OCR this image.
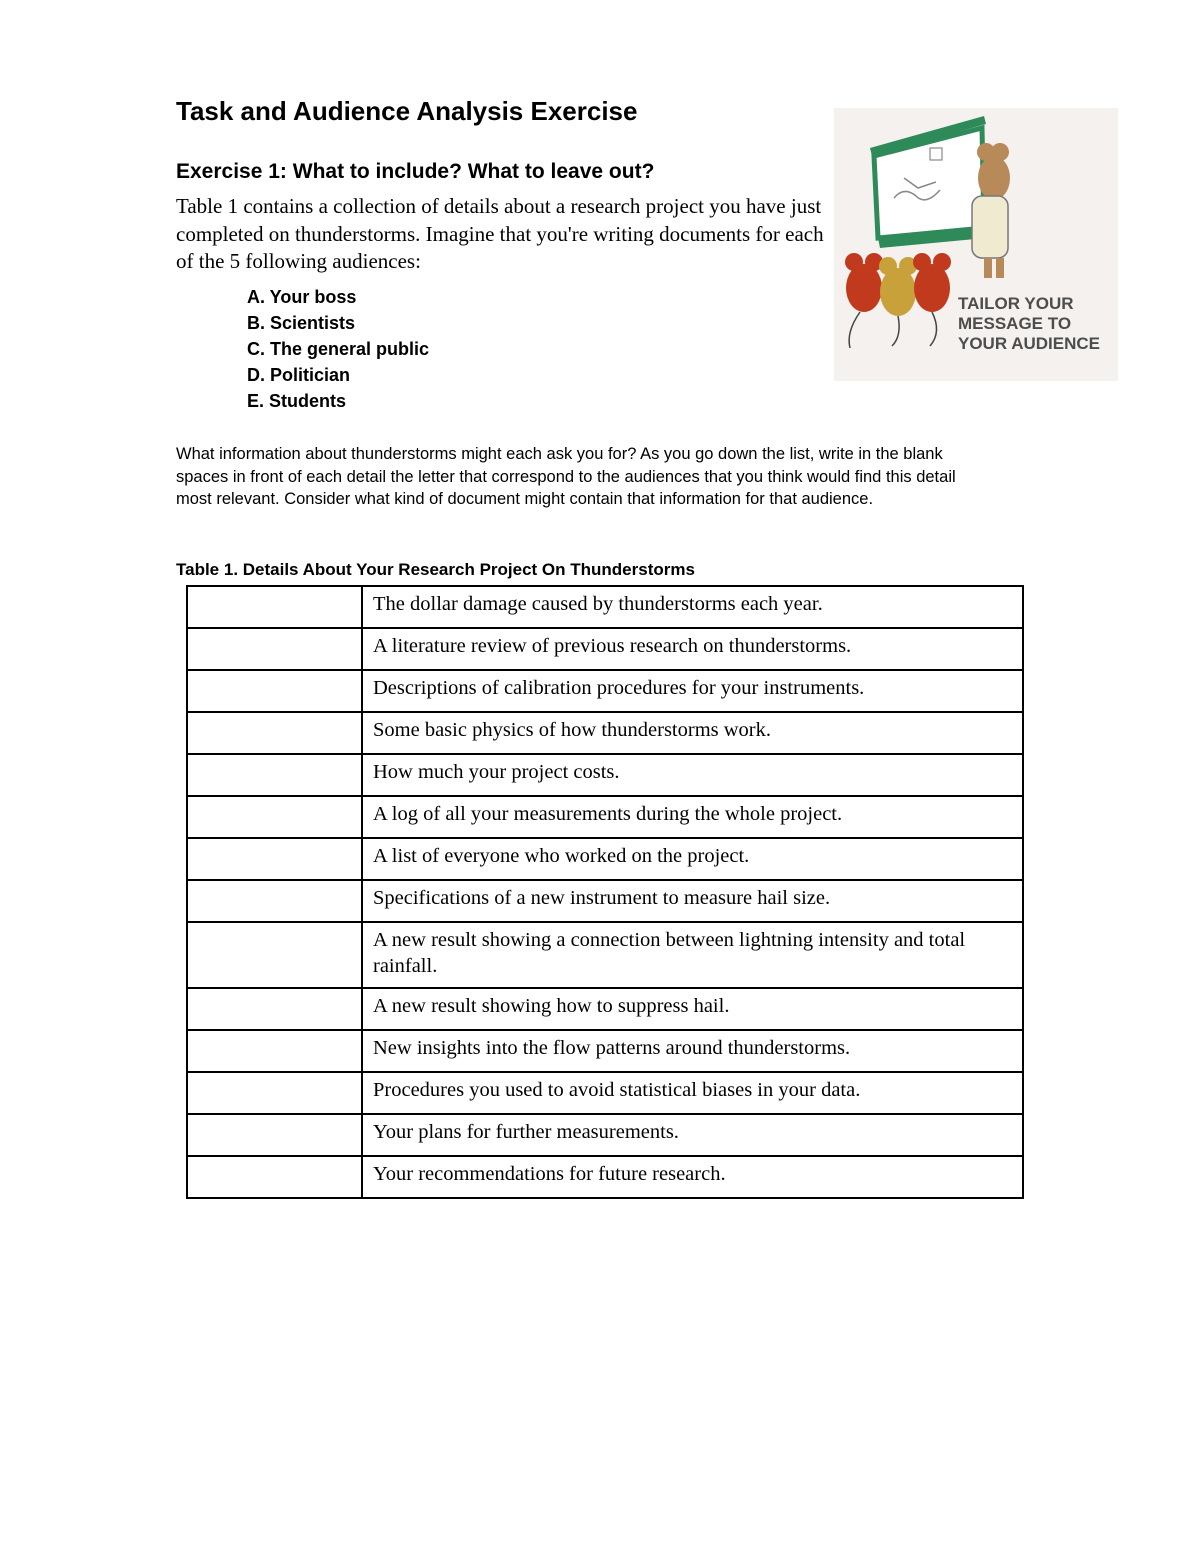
Task and Audience Analysis Exercise
Exercise 1: What to include? What to leave out?

Table 1 contains a collection of details about a research project you have just completed on thunderstorms. Imagine that you're writing documents for each of the 5 following audiences:

A. Your boss
B. Scientists
C. The general public
D. Politician
E. Students

TAILOR YOUR
MESSAGE TO
YOUR AUDIENCE

What information about thunderstorms might each ask you for? As you go down the list, write in the blank spaces in front of each detail the letter that correspond to the audiences that you think would find this detail most relevant. Consider what kind of document might contain that information for that audience.

Table 1. Details About Your Research Project On Thunderstorms

	The dollar damage caused by thunderstorms each year.
	A literature review of previous research on thunderstorms.
	Descriptions of calibration procedures for your instruments.
	Some basic physics of how thunderstorms work.
	How much your project costs.
	A log of all your measurements during the whole project.
	A list of everyone who worked on the project.
	Specifications of a new instrument to measure hail size.
	A new result showing a connection between lightning intensity and total rainfall.
	A new result showing how to suppress hail.
	New insights into the flow patterns around thunderstorms.
	Procedures you used to avoid statistical biases in your data.
	Your plans for further measurements.
	Your recommendations for future research.
